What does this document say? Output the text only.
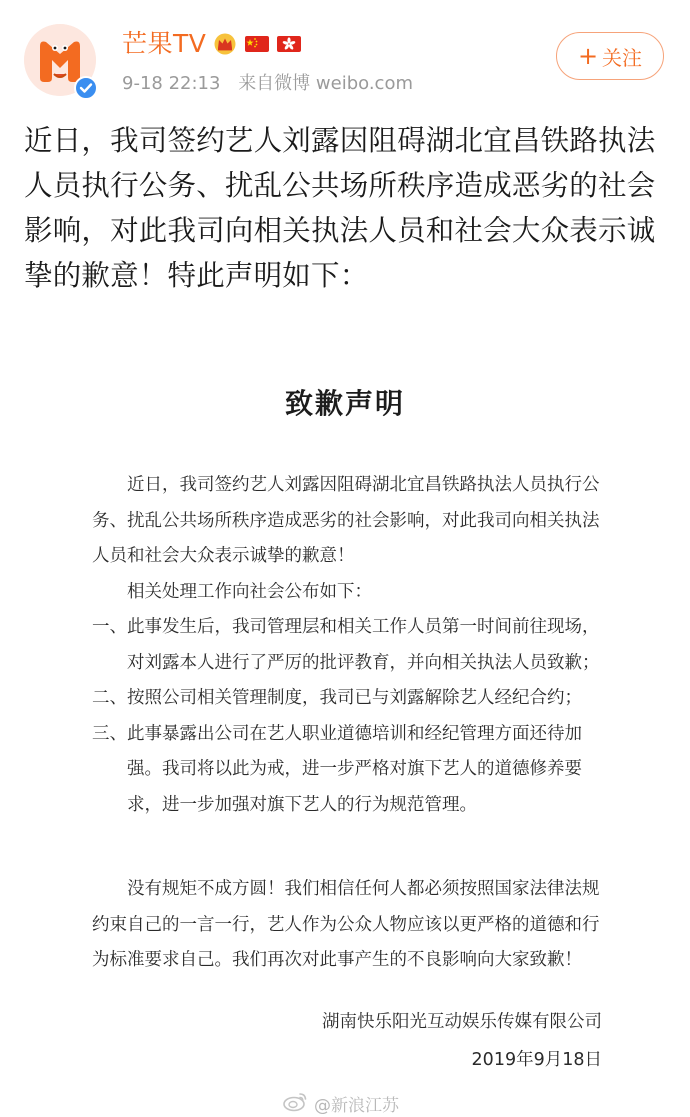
芒果TV
9-18 22:13 来自微博 weibo.com
+ 关注
近日，我司签约艺人刘露因阻碍湖北宜昌铁路执法人员执行公务、扰乱公共场所秩序造成恶劣的社会影响，对此我司向相关执法人员和社会大众表示诚挚的歉意！特此声明如下：
致歉声明

近日，我司签约艺人刘露因阻碍湖北宜昌铁路执法人员执行公务、扰乱公共场所秩序造成恶劣的社会影响，对此我司向相关执法人员和社会大众表示诚挚的歉意！

相关处理工作向社会公布如下：

一、此事发生后，我司管理层和相关工作人员第一时间前往现场，对刘露本人进行了严厉的批评教育，并向相关执法人员致歉；

二、按照公司相关管理制度，我司已与刘露解除艺人经纪合约；

三、此事暴露出公司在艺人职业道德培训和经纪管理方面还待加强。我司将以此为戒，进一步严格对旗下艺人的道德修养要求，进一步加强对旗下艺人的行为规范管理。

没有规矩不成方圆！我们相信任何人都必须按照国家法律法规约束自己的一言一行，艺人作为公众人物应该以更严格的道德和行为标准要求自己。我们再次对此事产生的不良影响向大家致歉！

湖南快乐阳光互动娱乐传媒有限公司
2019年9月18日
@新浪江苏
